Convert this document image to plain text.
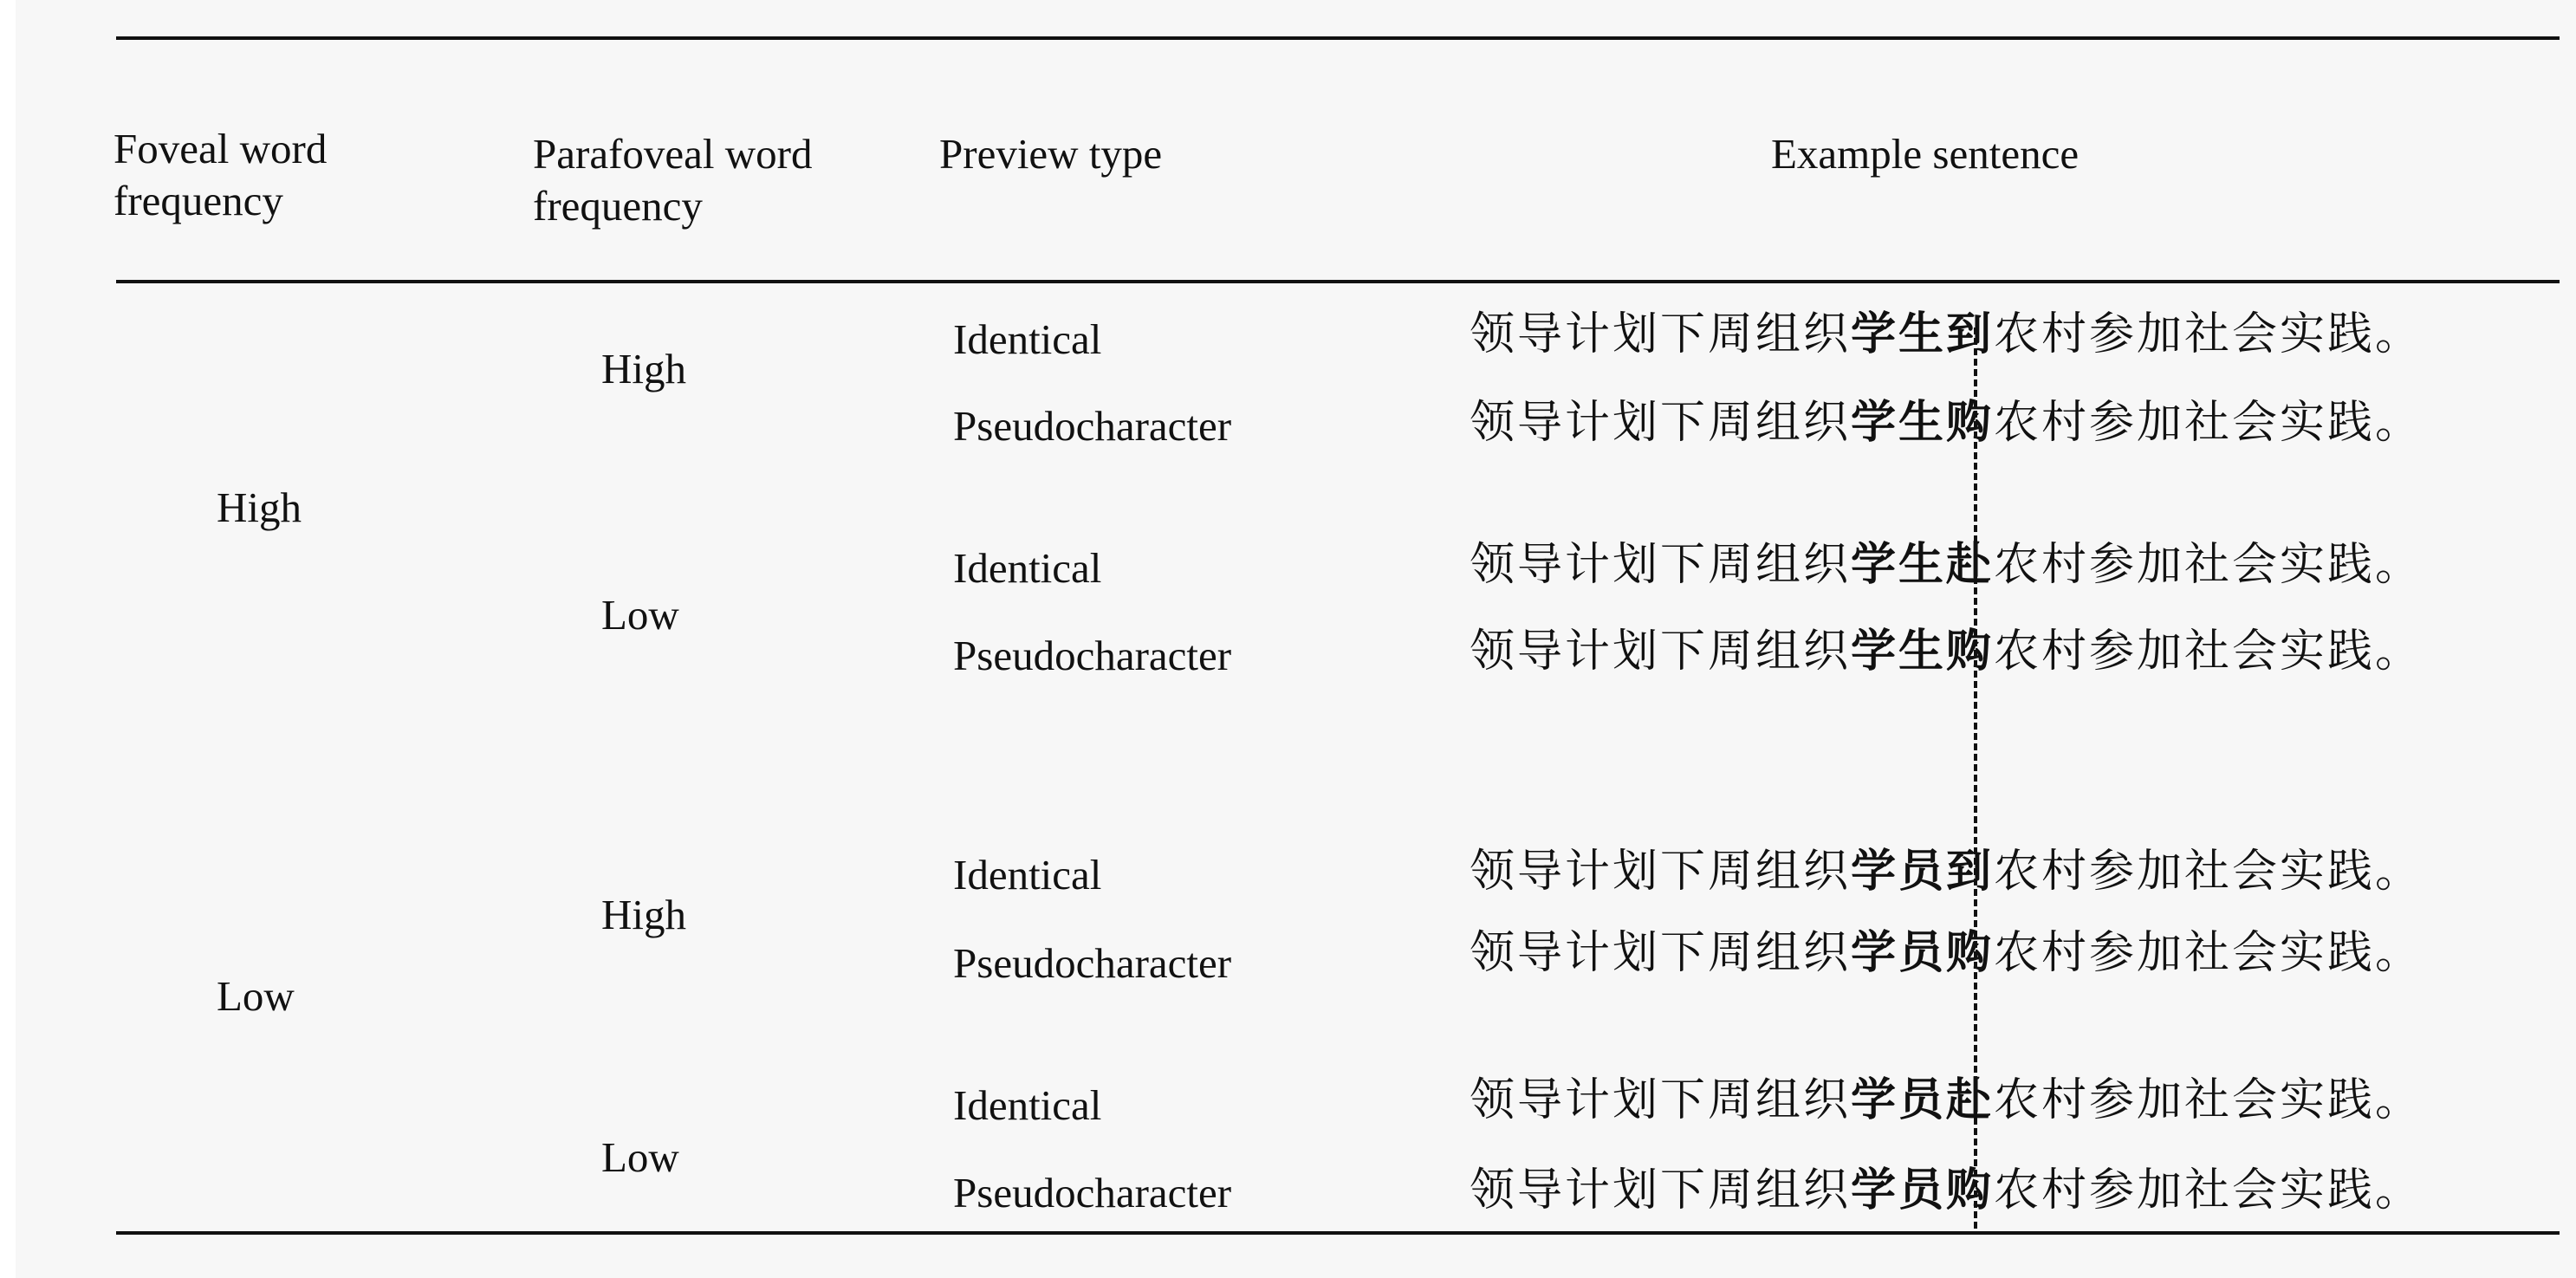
Foveal word
frequency
Parafoveal word
frequency
Preview type	Example sentence
High
Low
High
Low
High
Low
Identical
Pseudocharacter
Identical
Pseudocharacter
Identical
Pseudocharacter
Identical
Pseudocharacter
领导计划下周组织学生到农村参加社会实践。
领导计划下周组织学生购农村参加社会实践。
领导计划下周组织学生赴农村参加社会实践。
领导计划下周组织学生购农村参加社会实践。
领导计划下周组织学员到农村参加社会实践。
领导计划下周组织学员购农村参加社会实践。
领导计划下周组织学员赴农村参加社会实践。
领导计划下周组织学员购农村参加社会实践。
